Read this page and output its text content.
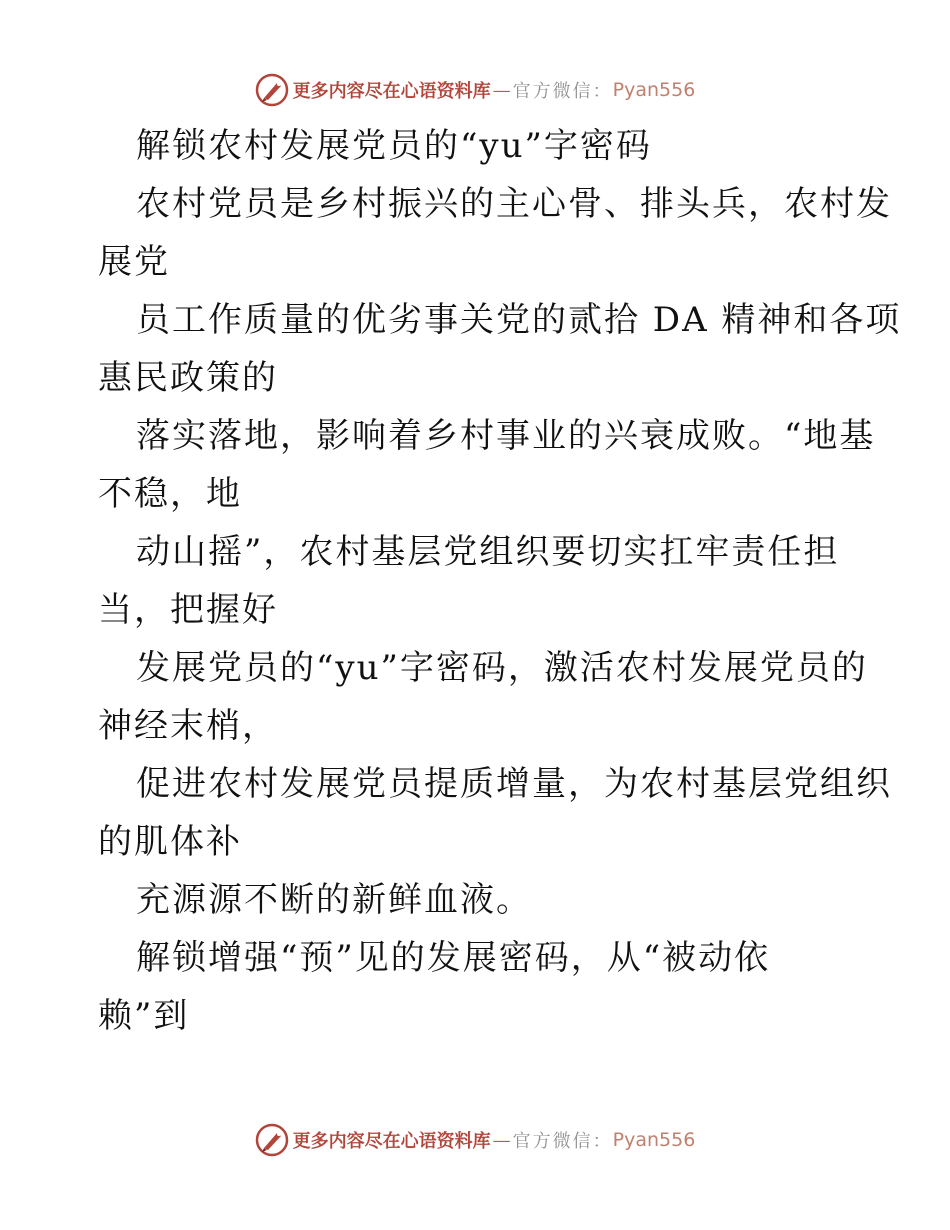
更多内容尽在心语资料库 — 官方微信： Pyan556
解锁农村发展党员的“yu”字密码
农村党员是乡村振兴的主心骨、排头兵，农村发
展党
员工作质量的优劣事关党的贰拾 DA 精神和各项
惠民政策的
落实落地，影响着乡村事业的兴衰成败。“地基
不稳，地
动山摇”，农村基层党组织要切实扛牢责任担
当，把握好
发展党员的“yu”字密码，激活农村发展党员的
神经末梢，
促进农村发展党员提质增量，为农村基层党组织
的肌体补
充源源不断的新鲜血液。
解锁增强“预”见的发展密码，从“被动依
赖”到
更多内容尽在心语资料库 — 官方微信： Pyan556
